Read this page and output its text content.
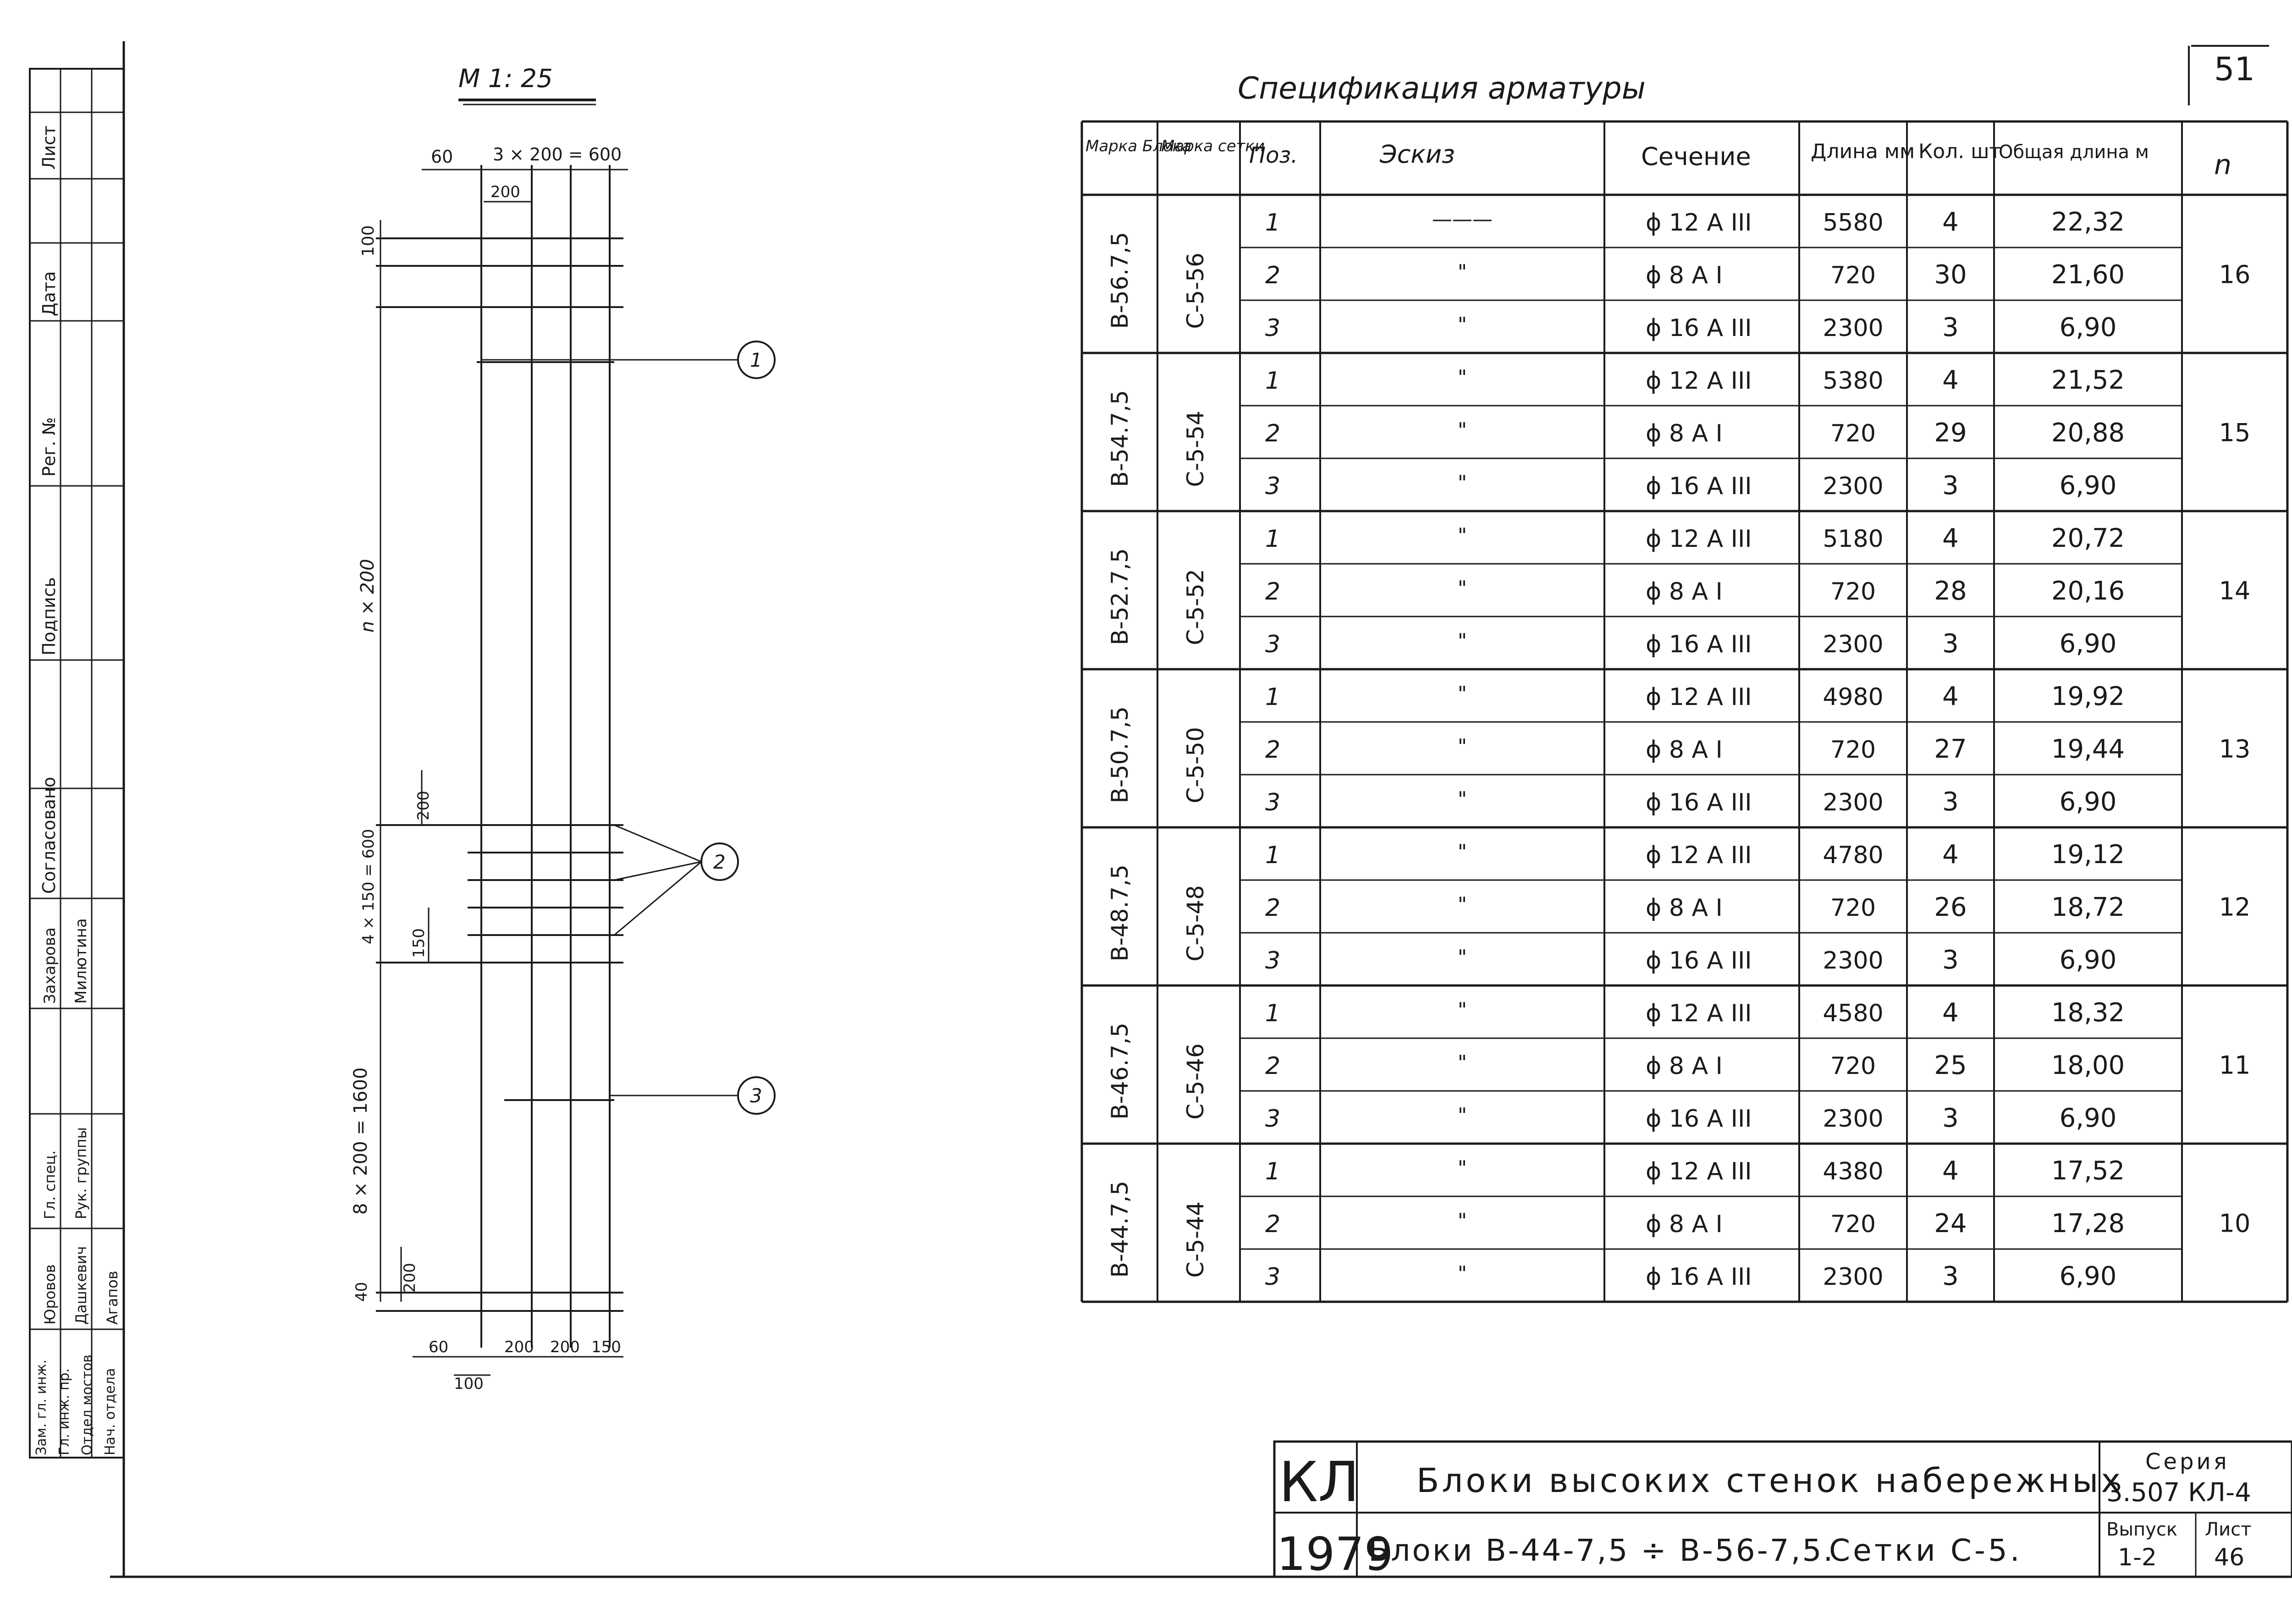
51
Лист
Дата
Рег. №
Подпись
Согласовано
Захарова Милютина
Гл. спец. Рук. группы
Юровов Дашкевич Агапов
Зам. гл. инж. Гл. инж. пр. Отдел мостов Нач. отдела
М 1: 25
60 3 × 200 = 600
200
100
n × 200
200
4 × 150 = 600 150
8 × 200 = 1600
40 200
60	200 200 150
100
1
2
3
Спецификация арматуры
Марка Блока
Марка сетки
Поз.	Эскиз	Сечение	Длина мм Кол. шт
Общая длина м n
В-56.7,5 С-5-56	16
1	———	ϕ 12 А III	5580 4	22,32
2	"	ϕ 8 А I	720 30	21,60
3	"	ϕ 16 А III	2300 3	6,90
В-54.7,5 С-5-54	15
1	"	ϕ 12 А III	5380 4	21,52
2	"	ϕ 8 А I	720 29	20,88
3	"	ϕ 16 А III	2300 3	6,90
В-52.7,5 С-5-52	14
1	"	ϕ 12 А III	5180 4	20,72
2	"	ϕ 8 А I	720 28	20,16
3	"	ϕ 16 А III	2300 3	6,90
В-50.7,5 С-5-50	13
1	"	ϕ 12 А III	4980 4	19,92
2	"	ϕ 8 А I	720 27	19,44
3	"	ϕ 16 А III	2300 3	6,90
В-48.7,5 С-5-48	12
1	"	ϕ 12 А III	4780 4	19,12
2	"	ϕ 8 А I	720 26	18,72
3	"	ϕ 16 А III	2300 3	6,90
В-46.7,5 С-5-46	11
1	"	ϕ 12 А III	4580 4	18,32
2	"	ϕ 8 А I	720 25	18,00
3	"	ϕ 16 А III	2300 3	6,90
В-44.7,5 С-5-44	10
1	"	ϕ 12 А III	4380 4	17,52
2	"	ϕ 8 А I	720 24	17,28
3	"	ϕ 16 А III	2300 3	6,90
КЛ
1979
Блоки высоких стенок набережных
Блоки В-44-7,5 ÷ В-56-7,5.
Сетки С-5.
Серия
3.507 КЛ-4
Выпуск
1-2
Лист
46
